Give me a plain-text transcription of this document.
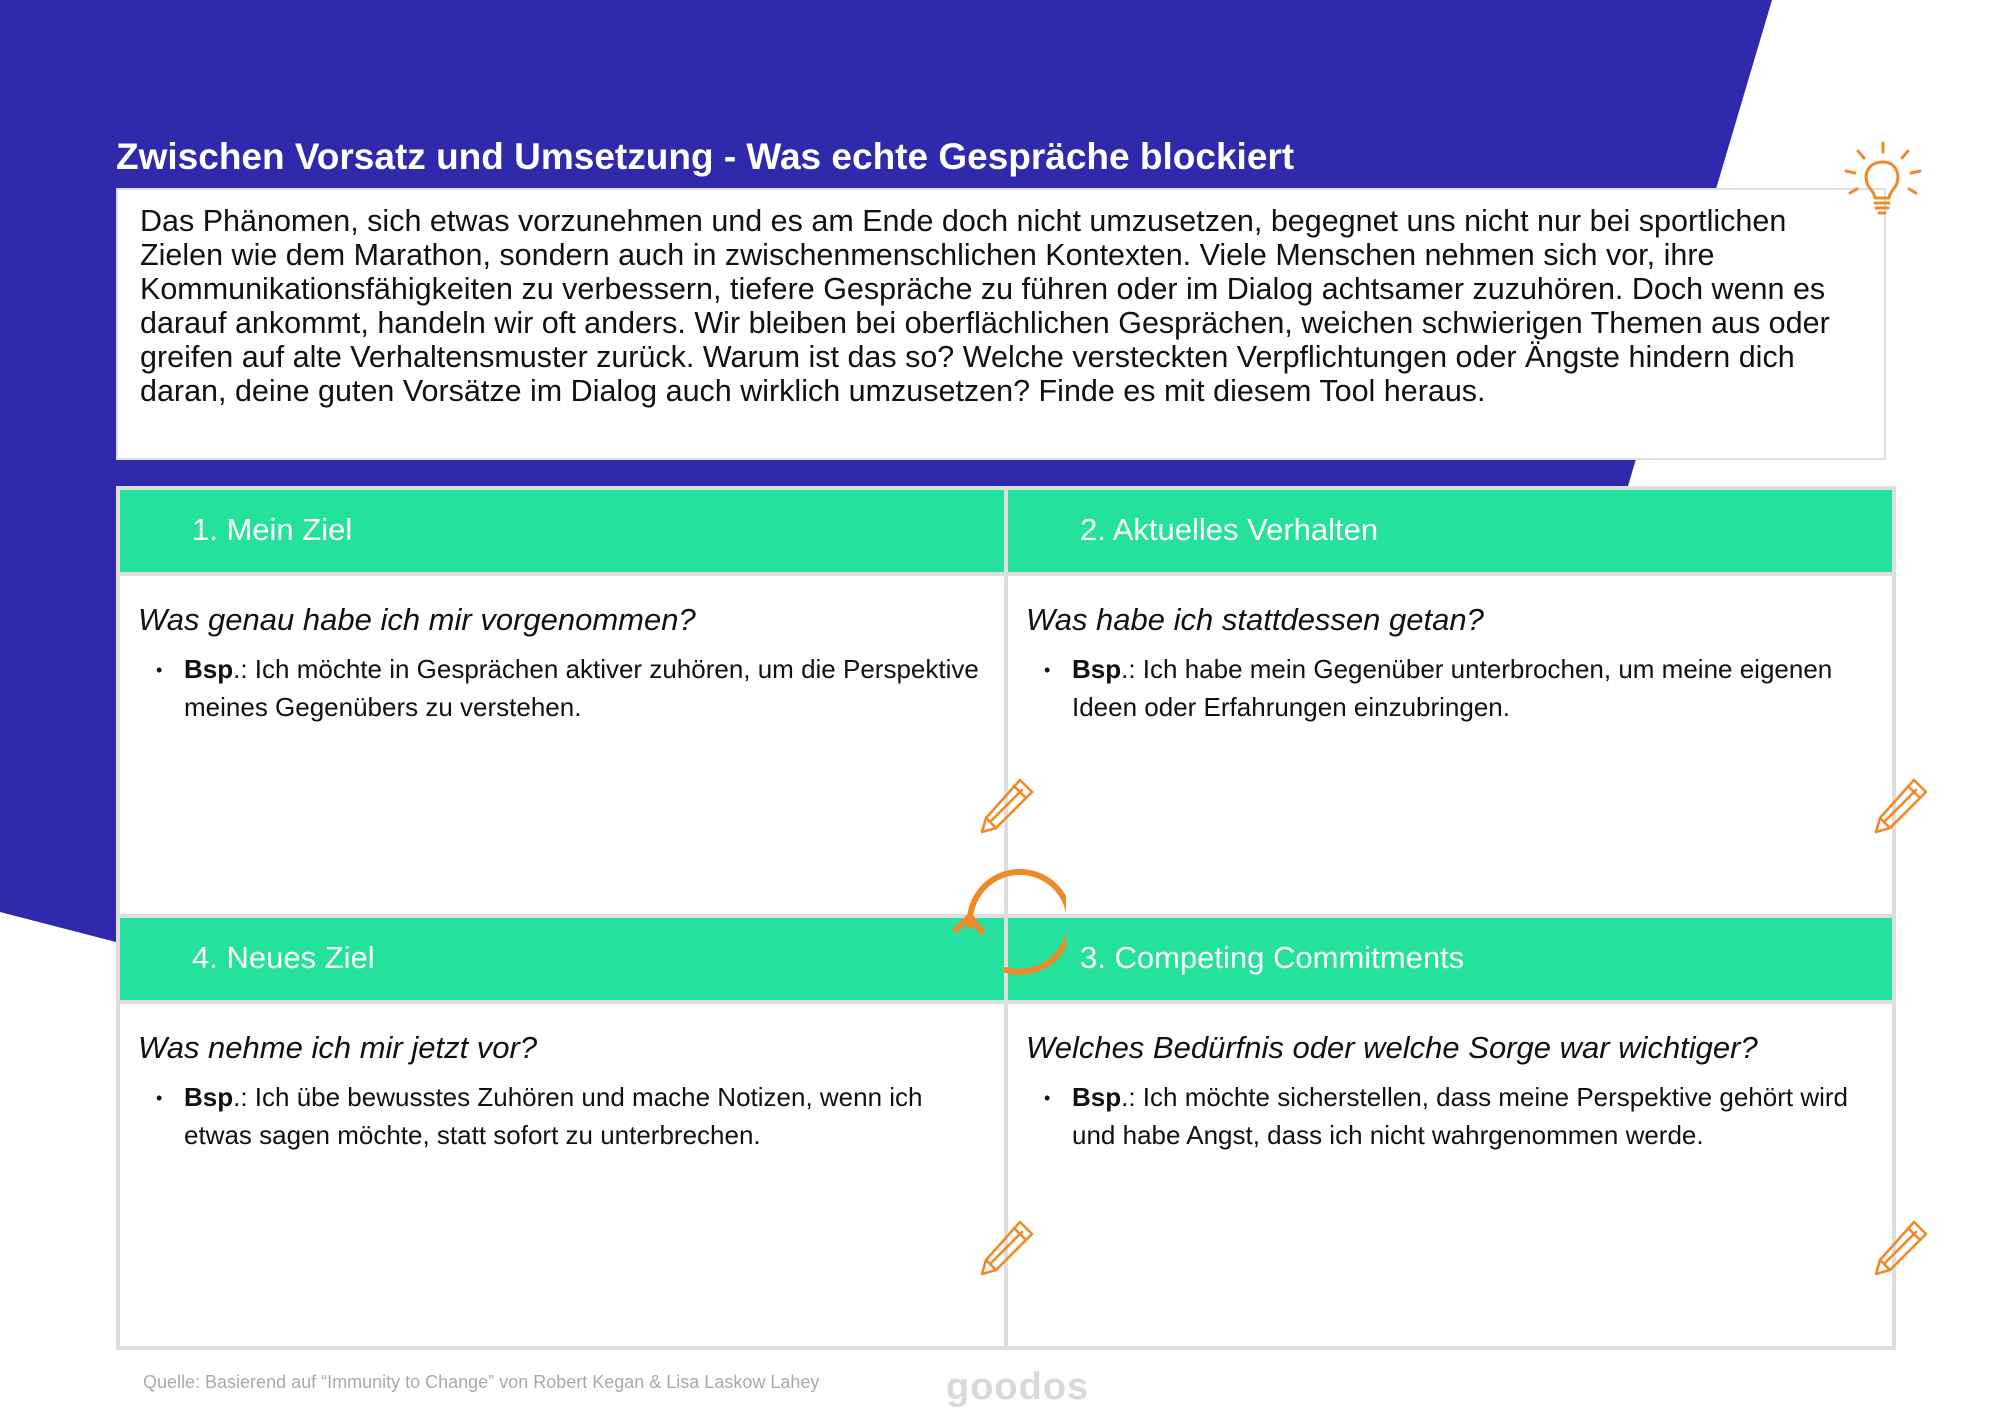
Zwischen Vorsatz und Umsetzung - Was echte Gespräche blockiert

Das Phänomen, sich etwas vorzunehmen und es am Ende doch nicht umzusetzen, begegnet uns nicht nur bei sportlichen Zielen wie dem Marathon, sondern auch in zwischenmenschlichen Kontexten. Viele Menschen nehmen sich vor, ihre Kommunikationsfähigkeiten zu verbessern, tiefere Gespräche zu führen oder im Dialog achtsamer zuzuhören. Doch wenn es darauf ankommt, handeln wir oft anders. Wir bleiben bei oberflächlichen Gesprächen, weichen schwierigen Themen aus oder greifen auf alte Verhaltensmuster zurück. Warum ist das so? Welche versteckten Verpflichtungen oder Ängste hindern dich daran, deine guten Vorsätze im Dialog auch wirklich umzusetzen? Finde es mit diesem Tool heraus.

1. Mein Ziel

Was genau habe ich mir vorgenommen?

• Bsp.: Ich möchte in Gesprächen aktiver zuhören, um die Perspektive meines Gegenübers zu verstehen.
2. Aktuelles Verhalten

Was habe ich stattdessen getan?

• Bsp.: Ich habe mein Gegenüber unterbrochen, um meine eigenen Ideen oder Erfahrungen einzubringen.
4. Neues Ziel

Was nehme ich mir jetzt vor?

• Bsp.: Ich übe bewusstes Zuhören und mache Notizen, wenn ich etwas sagen möchte, statt sofort zu unterbrechen.
3. Competing Commitments

Welches Bedürfnis oder welche Sorge war wichtiger?

• Bsp.: Ich möchte sicherstellen, dass meine Perspektive gehört wird und habe Angst, dass ich nicht wahrgenommen werde.
Quelle: Basierend auf “Immunity to Change” von Robert Kegan & Lisa Laskow Lahey	goodos
